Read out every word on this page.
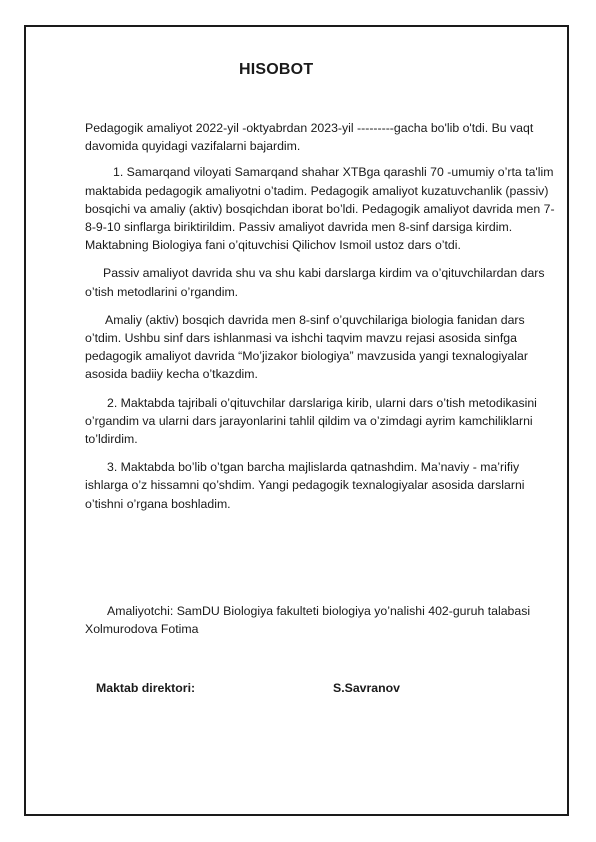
HISOBOT

Pedagogik amaliyot 2022-yil -oktyabrdan 2023-yil ---------gacha bo'lib o'tdi. Bu vaqt davomida quyidagi vazifalarni bajardim.

1. Samarqand viloyati Samarqand shahar XTBga qarashli 70 -umumiy o’rta ta'lim maktabida pedagogik amaliyotni o’tadim. Pedagogik amaliyot kuzatuvchanlik (passiv) bosqichi va amaliy (aktiv) bosqichdan iborat bo’ldi. Pedagogik amaliyot davrida men 7-8-9-10 sinflarga biriktirildim. Passiv amaliyot davrida men 8-sinf darsiga kirdim. Maktabning Biologiya fani o’qituvchisi Qilichov Ismoil ustoz dars o’tdi.

Passiv amaliyot davrida shu va shu kabi darslarga kirdim va o’qituvchilardan dars o’tish metodlarini o’rgandim.

Amaliy (aktiv) bosqich davrida men 8-sinf o’quvchilariga biologia fanidan dars o’tdim. Ushbu sinf dars ishlanmasi va ishchi taqvim mavzu rejasi asosida sinfga pedagogik amaliyot davrida “Mo’jizakor biologiya” mavzusida yangi texnalogiyalar asosida badiiy kecha o’tkazdim.

2. Maktabda tajribali o’qituvchilar darslariga kirib, ularni dars o’tish metodikasini o’rgandim va ularni dars jarayonlarini tahlil qildim va o’zimdagi ayrim kamchiliklarni to’ldirdim.

3. Maktabda bo’lib o’tgan barcha majlislarda qatnashdim. Ma’naviy - ma’rifiy ishlarga o’z hissamni qo’shdim. Yangi pedagogik texnalogiyalar asosida darslarni o’tishni o’rgana boshladim.

Amaliyotchi: SamDU Biologiya fakulteti biologiya yo’nalishi 402-guruh talabasi Xolmurodova Fotima

Maktab direktori:	S.Savranov
